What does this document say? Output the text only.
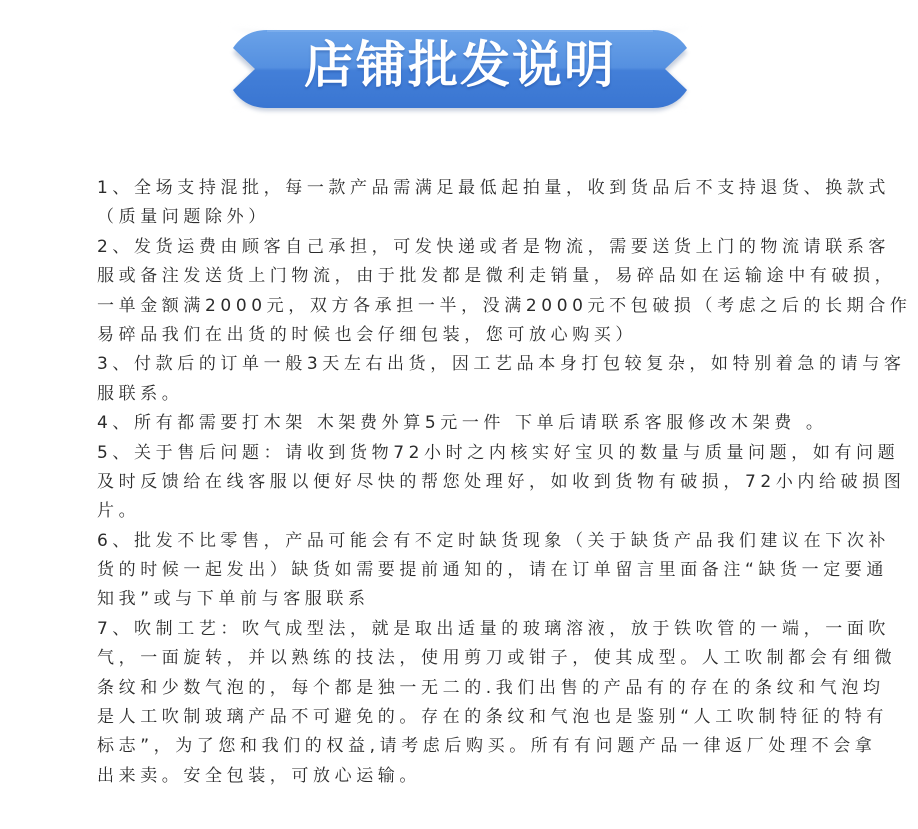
店铺批发说明
1、全场支持混批，每一款产品需满足最低起拍量，收到货品后不支持退货、换款式
（质量问题除外）
2、发货运费由顾客自己承担，可发快递或者是物流，需要送货上门的物流请联系客
服或备注发送货上门物流，由于批发都是微利走销量，易碎品如在运输途中有破损，
一单金额满2000元，双方各承担一半，没满2000元不包破损（考虑之后的长期合作
易碎品我们在出货的时候也会仔细包装，您可放心购买）
3、付款后的订单一般3天左右出货，因工艺品本身打包较复杂，如特别着急的请与客
服联系。
4、所有都需要打木架 木架费外算5元一件 下单后请联系客服修改木架费 。
5、关于售后问题：请收到货物72小时之内核实好宝贝的数量与质量问题，如有问题
及时反馈给在线客服以便好尽快的帮您处理好，如收到货物有破损，72小内给破损图
片。
6、批发不比零售，产品可能会有不定时缺货现象（关于缺货产品我们建议在下次补
货的时候一起发出）缺货如需要提前通知的，请在订单留言里面备注“缺货一定要通
知我”或与下单前与客服联系
7、吹制工艺：吹气成型法，就是取出适量的玻璃溶液，放于铁吹管的一端，一面吹
气，一面旋转，并以熟练的技法，使用剪刀或钳子，使其成型。人工吹制都会有细微
条纹和少数气泡的，每个都是独一无二的.我们出售的产品有的存在的条纹和气泡均
是人工吹制玻璃产品不可避免的。存在的条纹和气泡也是鉴别“人工吹制特征的特有
标志”，为了您和我们的权益,请考虑后购买。所有有问题产品一律返厂处理不会拿
出来卖。安全包装，可放心运输。
